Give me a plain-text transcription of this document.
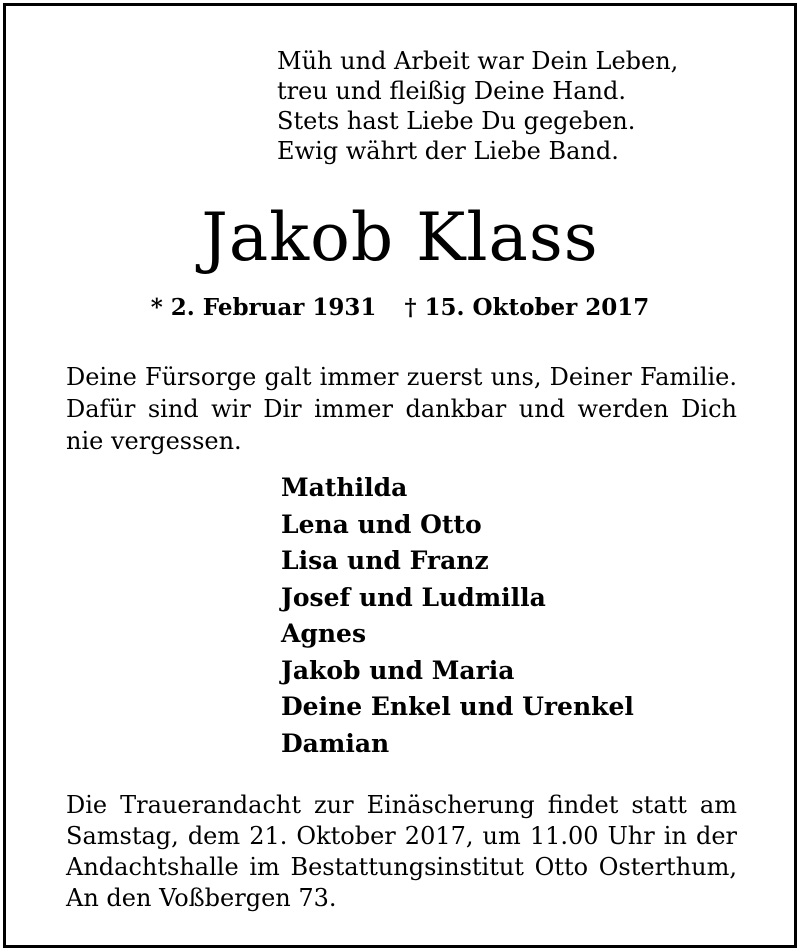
Müh und Arbeit war Dein Leben,
treu und fleißig Deine Hand.
Stets hast Liebe Du gegeben.
Ewig währt der Liebe Band.
Jakob Klass
* 2. Februar 1931 † 15. Oktober 2017

Deine Fürsorge galt immer zuerst uns, Deiner Familie. Dafür sind wir Dir immer dankbar und werden Dich nie vergessen.

Mathilda
Lena und Otto
Lisa und Franz
Josef und Ludmilla
Agnes
Jakob und Maria
Deine Enkel und Urenkel
Damian

Die Trauerandacht zur Einäscherung findet statt am Samstag, dem 21. Oktober 2017, um 11.00 Uhr in der Andachtshalle im Bestattungsinstitut Otto Osterthum, An den Voßbergen 73.
